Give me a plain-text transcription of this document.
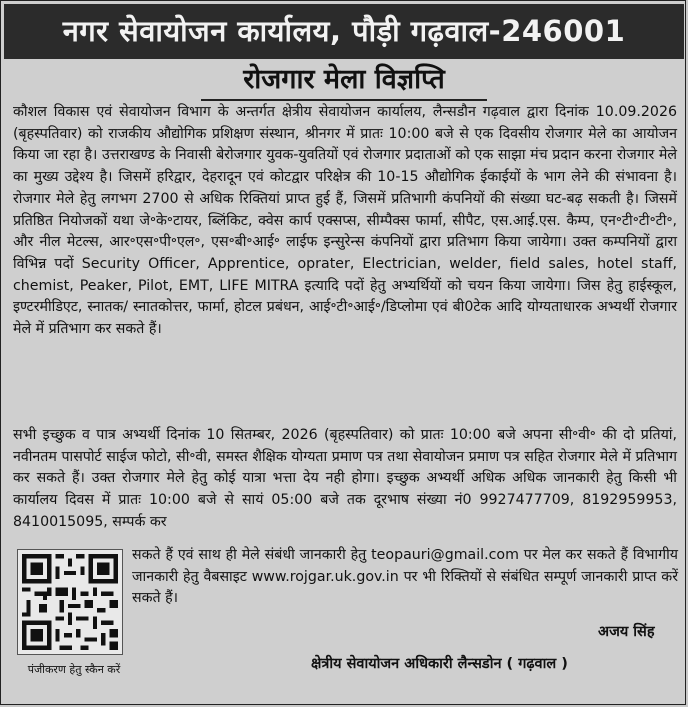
नगर सेवायोजन कार्यालय, पौड़ी गढ़वाल-246001
रोजगार मेला विज्ञप्ति

कौशल विकास एवं सेवायोजन विभाग के अन्तर्गत क्षेत्रीय सेवायोजन कार्यालय, लैन्सडौन गढ़वाल द्वारा दिनांक 10.09.2026 (बृहस्पतिवार) को राजकीय औद्योगिक प्रशिक्षण संस्थान, श्रीनगर में प्रातः 10:00 बजे से एक दिवसीय रोजगार मेले का आयोजन किया जा रहा है। उत्तराखण्ड के निवासी बेरोजगार युवक-युवतियों एवं रोजगार प्रदाताओं को एक साझा मंच प्रदान करना रोजगार मेले का मुख्य उद्देश्य है। जिसमें हरिद्वार, देहरादून एवं कोटद्वार परिक्षेत्र की 10-15 औद्योगिक ईकाईयों के भाग लेने की संभावना है। रोजगार मेले हेतु लगभग 2700 से अधिक रिक्तियां प्राप्त हुई हैं, जिसमें प्रतिभागी कंपनियों की संख्या घट-बढ़ सकती है। जिसमें प्रतिष्ठित नियोजकों यथा जे॰के॰टायर, ब्लिंकिट, क्वेस कार्प एक्सप्स, सीम्पैक्स फार्मा, सीपैट, एस.आई.एस. कैम्प, एन॰टी॰टी॰टी॰, और नील मेटल्स, आर॰एस॰पी॰एल॰, एस॰बी॰आई॰ लाईफ इन्सुरेन्स कंपनियों द्वारा प्रतिभाग किया जायेगा। उक्त कम्पनियों द्वारा विभिन्न पदों Security Officer, Apprentice, oprater, Electrician, welder, field sales, hotel staff, chemist, Peaker, Pilot, EMT, LIFE MITRA इत्यादि पदों हेतु अभ्यर्थियों को चयन किया जायेगा। जिस हेतु हाईस्कूल, इण्टरमीडिएट, स्नातक/ स्नातकोत्तर, फार्मा, होटल प्रबंधन, आई॰टी॰आई॰/डिप्लोमा एवं बी0टेक आदि योग्यताधारक अभ्यर्थी रोजगार मेले में प्रतिभाग कर सकते हैं।

सभी इच्छुक व पात्र अभ्यर्थी दिनांक 10 सितम्बर, 2026 (बृहस्पतिवार) को प्रातः 10:00 बजे अपना सी॰वी॰ की दो प्रतियां, नवीनतम पासपोर्ट साईज फोटो, सी॰वी, समस्त शैक्षिक योग्यता प्रमाण पत्र तथा सेवायोजन प्रमाण पत्र सहित रोजगार मेले में प्रतिभाग कर सकते हैं। उक्त रोजगार मेले हेतु कोई यात्रा भत्ता देय नही होगा। इच्छुक अभ्यर्थी अधिक अधिक जानकारी हेतु किसी भी कार्यालय दिवस में प्रातः 10:00 बजे से सायं 05:00 बजे तक दूरभाष संख्या नं0 9927477709, 8192959953, 8410015095, सम्पर्क कर

सकते हैं एवं साथ ही मेले संबंधी जानकारी हेतु teopauri@gmail.com पर मेल कर सकते हैं विभागीय जानकारी हेतु वैबसाइट www.rojgar.uk.gov.in पर भी रिक्तियों से संबंधित सम्पूर्ण जानकारी प्राप्त करें सकते हैं।

पंजीकरण हेतु स्कैन करें
अजय सिंह
क्षेत्रीय सेवायोजन अधिकारी लैन्सडोन ( गढ़वाल )
